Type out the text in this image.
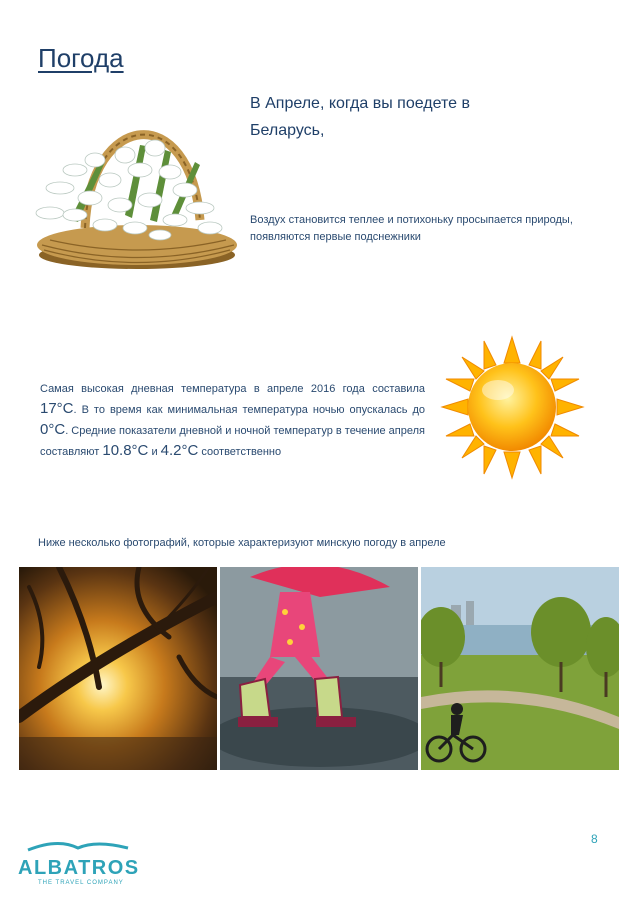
Погода
В Апреле, когда вы поедете в Беларусь,
Воздух становится теплее и потихоньку просыпается природы, появляются первые подснежники
Самая высокая дневная температура в апреле 2016 года составила 17°C. В то время как минимальная температура ночью опускалась до 0°C. Средние показатели дневной и ночной температур в течение апреля составляют 10.8°C и 4.2°C соответственно
Ниже несколько фотографий, которые характеризуют минскую погоду в апреле
ALBATROS
THE TRAVEL COMPANY
8
